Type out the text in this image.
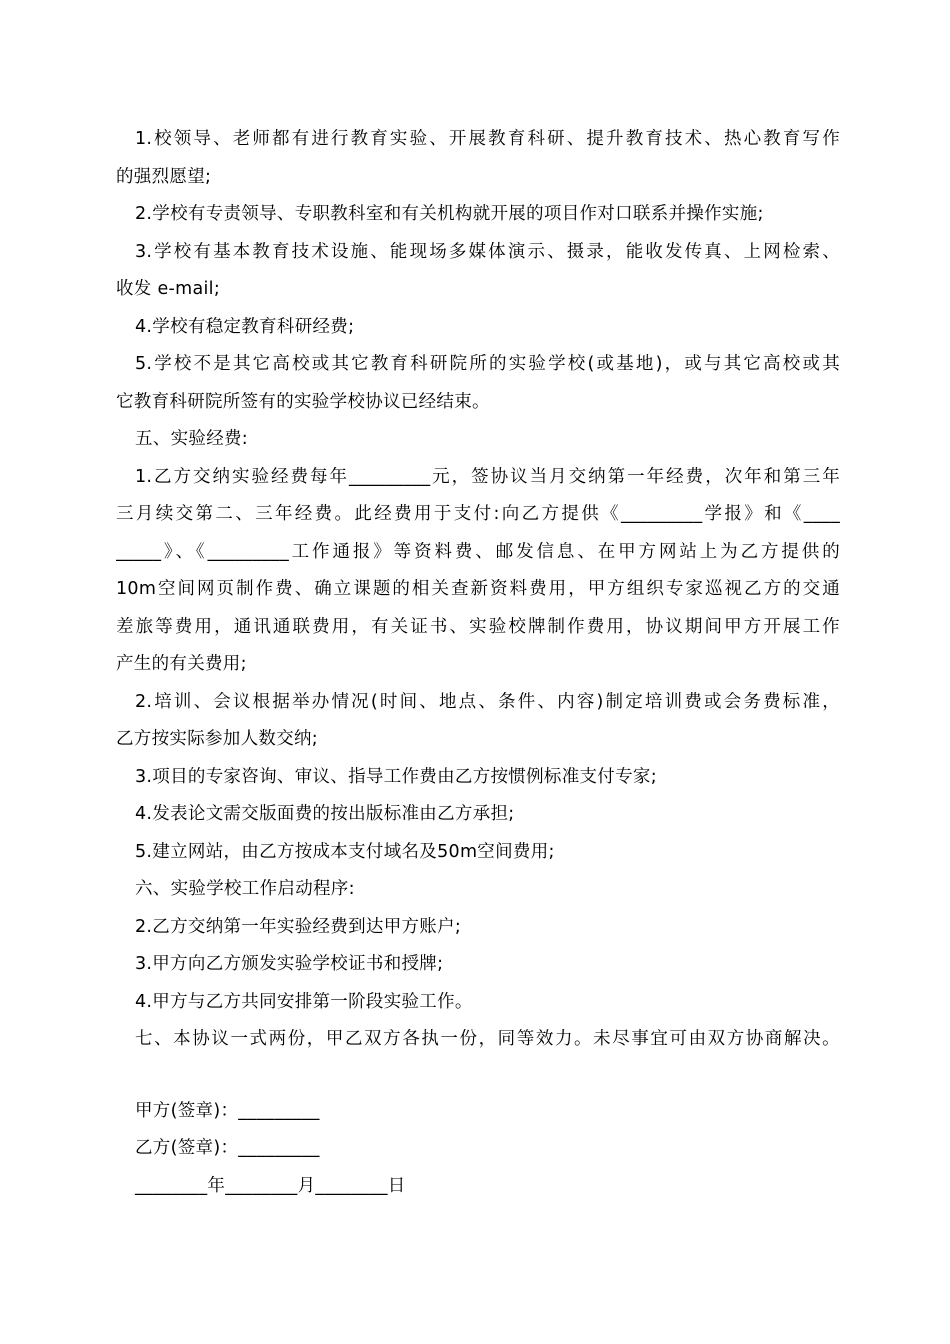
1.校领导、老师都有进行教育实验、开展教育科研、提升教育技术、热心教育写作
的强烈愿望;
2.学校有专责领导、专职教科室和有关机构就开展的项目作对口联系并操作实施;
3.学校有基本教育技术设施、能现场多媒体演示、摄录，能收发传真、上网检索、
收发 e-mail;
4.学校有稳定教育科研经费;
5.学校不是其它高校或其它教育科研院所的实验学校(或基地)，或与其它高校或其
它教育科研院所签有的实验学校协议已经结束。
五、实验经费:
1.乙方交纳实验经费每年_________元，签协议当月交纳第一年经费，次年和第三年
三月续交第二、三年经费。此经费用于支付:向乙方提供《_________学报》和《____
_____》、《_________工作通报》等资料费、邮发信息、在甲方网站上为乙方提供的
10m空间网页制作费、确立课题的相关查新资料费用，甲方组织专家巡视乙方的交通
差旅等费用，通讯通联费用，有关证书、实验校牌制作费用，协议期间甲方开展工作
产生的有关费用;
2.培训、会议根据举办情况(时间、地点、条件、内容)制定培训费或会务费标准，
乙方按实际参加人数交纳;
3.项目的专家咨询、审议、指导工作费由乙方按惯例标准支付专家;
4.发表论文需交版面费的按出版标准由乙方承担;
5.建立网站，由乙方按成本支付域名及50m空间费用;
六、实验学校工作启动程序:
2.乙方交纳第一年实验经费到达甲方账户;
3.甲方向乙方颁发实验学校证书和授牌;
4.甲方与乙方共同安排第一阶段实验工作。
七、本协议一式两份，甲乙双方各执一份，同等效力。未尽事宜可由双方协商解决。
甲方(签章)：_________
乙方(签章)：_________
________年________月________日
